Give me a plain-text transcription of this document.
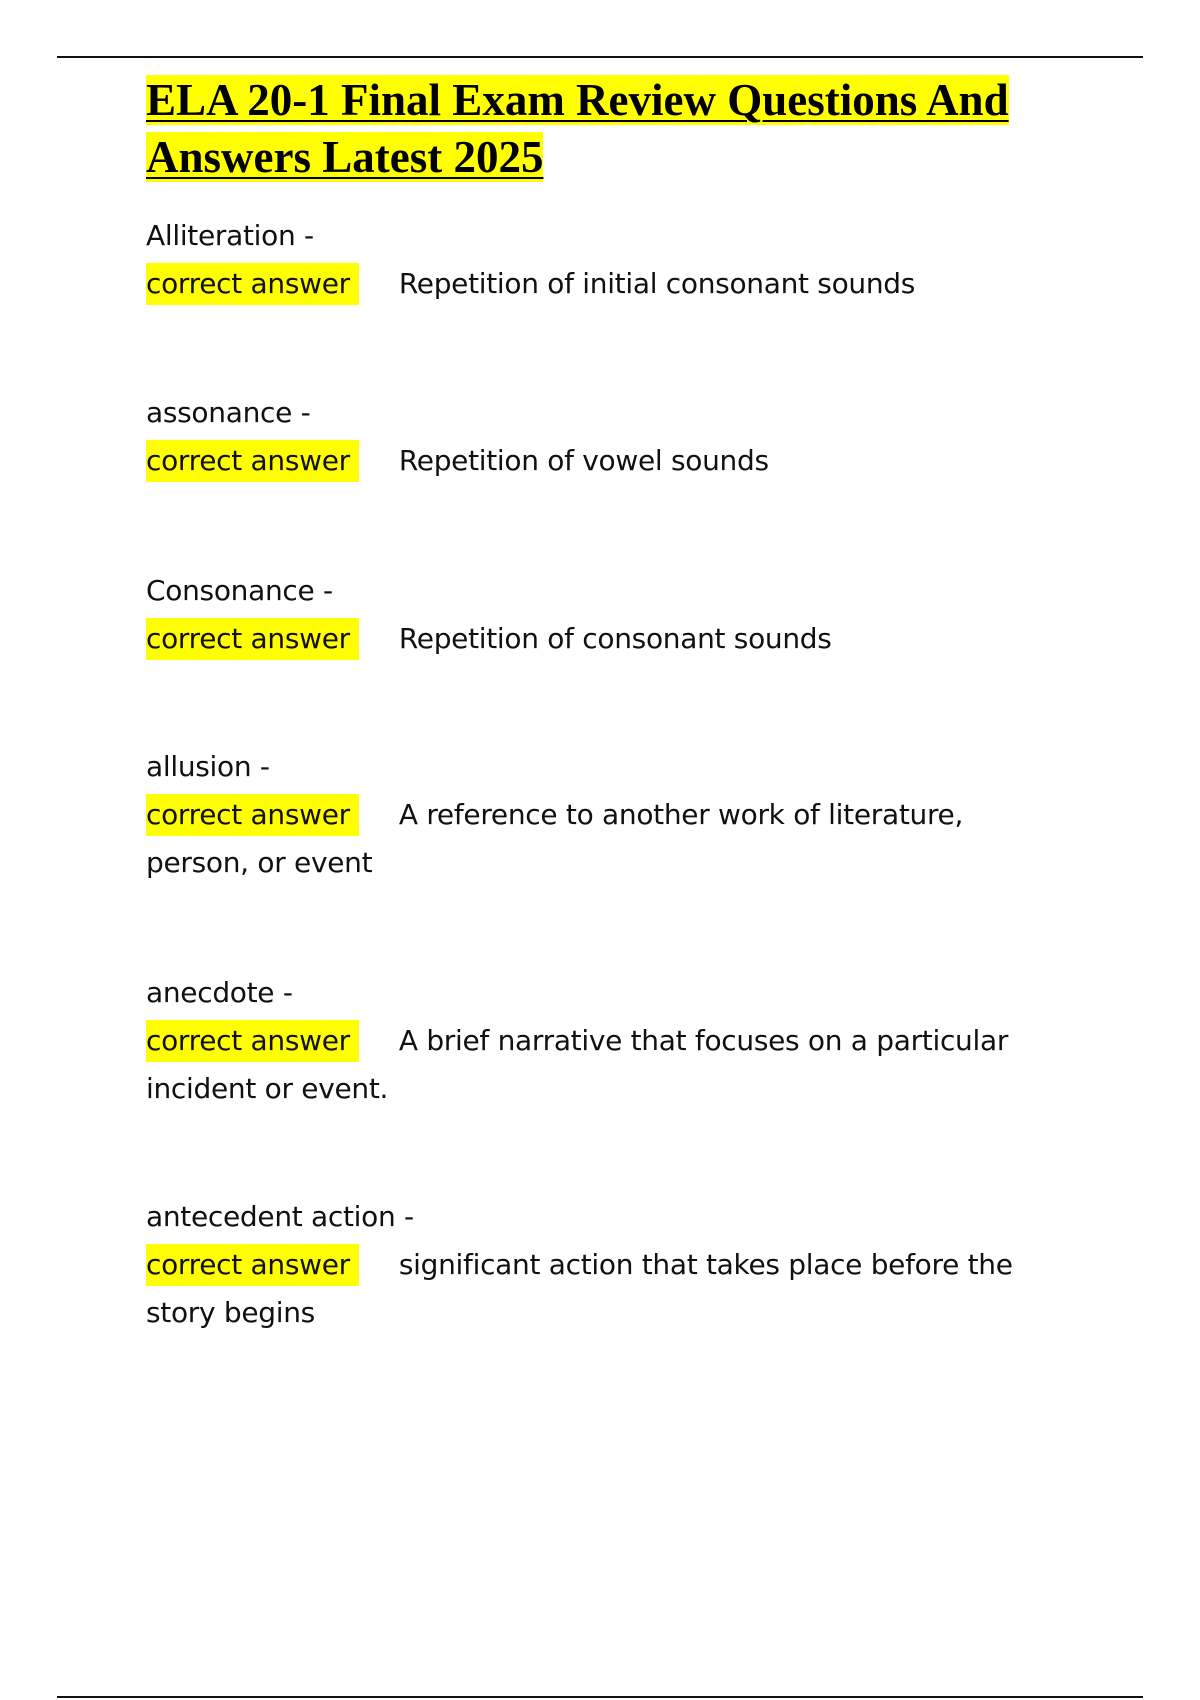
ELA 20-1 Final Exam Review Questions And
Answers Latest 2025
Alliteration -
correct answer Repetition of initial consonant sounds
assonance -
correct answer Repetition of vowel sounds
Consonance -
correct answer Repetition of consonant sounds
allusion -
correct answer A reference to another work of literature, person, or event
anecdote -
correct answer A brief narrative that focuses on a particular incident or event.
antecedent action -
correct answer significant action that takes place before the story begins
